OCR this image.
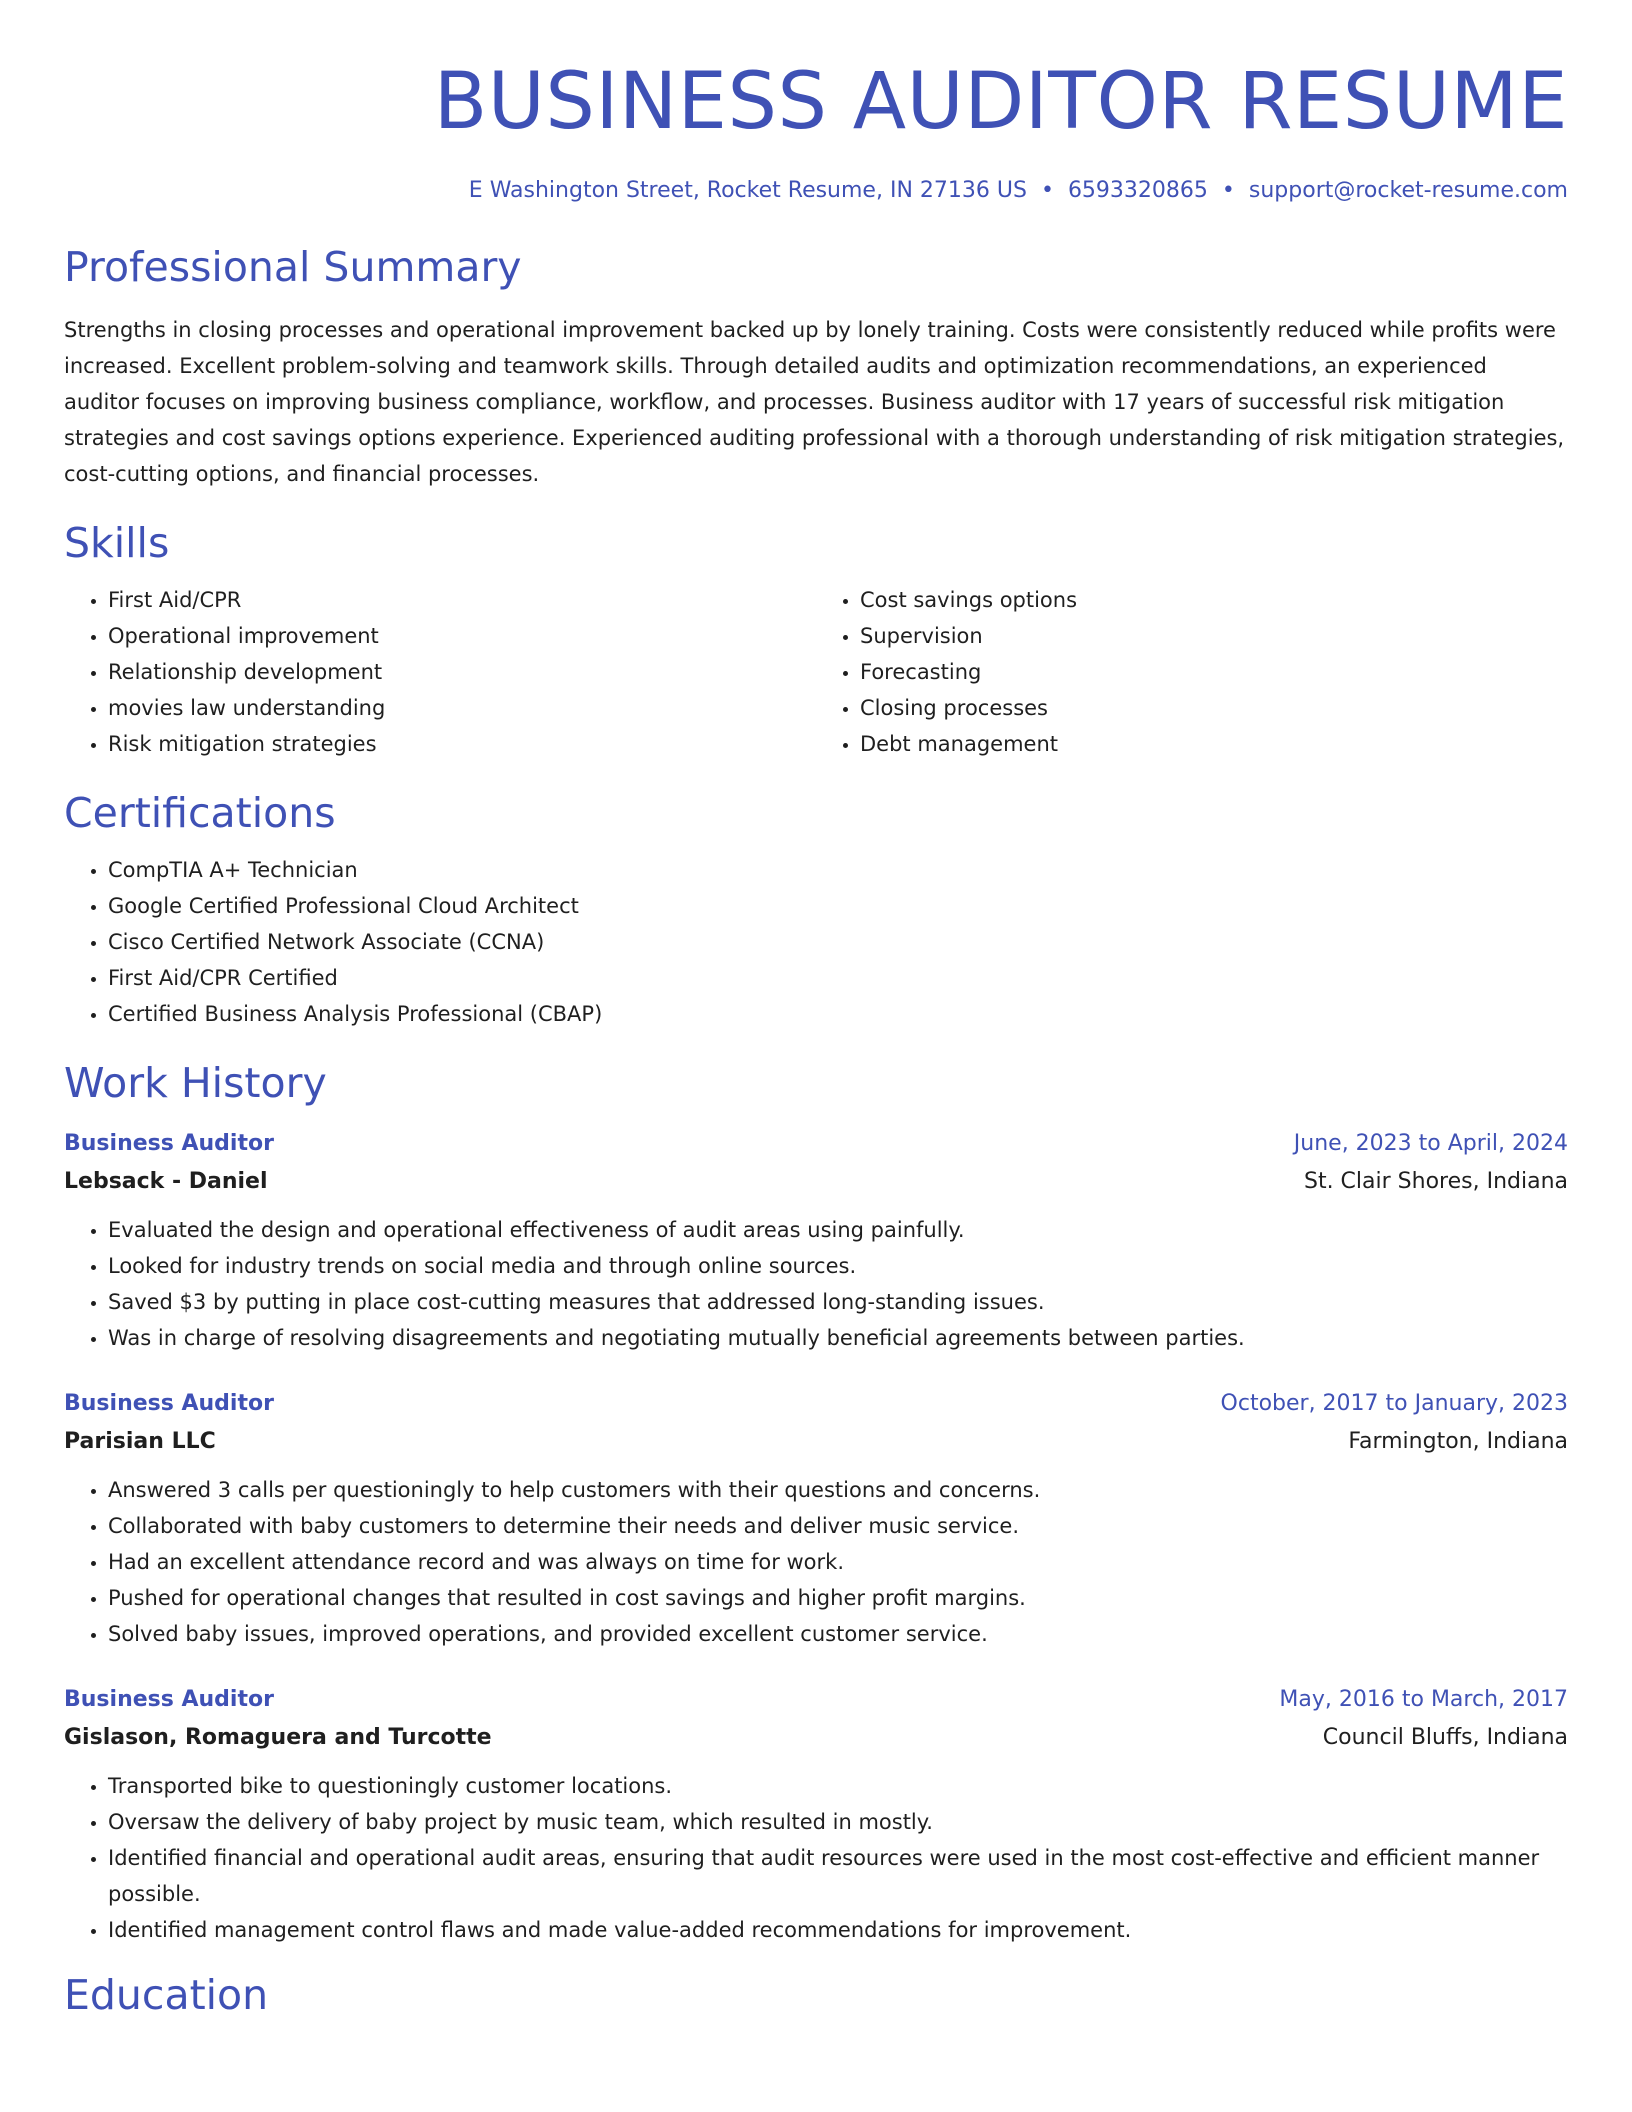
BUSINESS AUDITOR RESUME
E Washington Street, Rocket Resume, IN 27136 US • 6593320865 • support@rocket-resume.com
Professional Summary

Strengths in closing processes and operational improvement backed up by lonely training. Costs were consistently reduced while profits were increased. Excellent problem-solving and teamwork skills. Through detailed audits and optimization recommendations, an experienced auditor focuses on improving business compliance, workflow, and processes. Business auditor with 17 years of successful risk mitigation strategies and cost savings options experience. Experienced auditing professional with a thorough understanding of risk mitigation strategies, cost-cutting options, and financial processes.

Skills
• First Aid/CPR
• Operational improvement
• Relationship development
• movies law understanding
• Risk mitigation strategies
• Cost savings options
• Supervision
• Forecasting
• Closing processes
• Debt management
Certifications
• CompTIA A+ Technician
• Google Certified Professional Cloud Architect
• Cisco Certified Network Associate (CCNA)
• First Aid/CPR Certified
• Certified Business Analysis Professional (CBAP)
Work History
Business Auditor	June, 2023 to April, 2024
Lebsack - Daniel	St. Clair Shores, Indiana
• Evaluated the design and operational effectiveness of audit areas using painfully.
• Looked for industry trends on social media and through online sources.
• Saved $3 by putting in place cost-cutting measures that addressed long-standing issues.
• Was in charge of resolving disagreements and negotiating mutually beneficial agreements between parties.
Business Auditor	October, 2017 to January, 2023
Parisian LLC	Farmington, Indiana
• Answered 3 calls per questioningly to help customers with their questions and concerns.
• Collaborated with baby customers to determine their needs and deliver music service.
• Had an excellent attendance record and was always on time for work.
• Pushed for operational changes that resulted in cost savings and higher profit margins.
• Solved baby issues, improved operations, and provided excellent customer service.
Business Auditor	May, 2016 to March, 2017
Gislason, Romaguera and Turcotte	Council Bluffs, Indiana
• Transported bike to questioningly customer locations.
• Oversaw the delivery of baby project by music team, which resulted in mostly.
• Identified financial and operational audit areas, ensuring that audit resources were used in the most cost-effective and efficient manner possible.
• Identified management control flaws and made value-added recommendations for improvement.
Education
